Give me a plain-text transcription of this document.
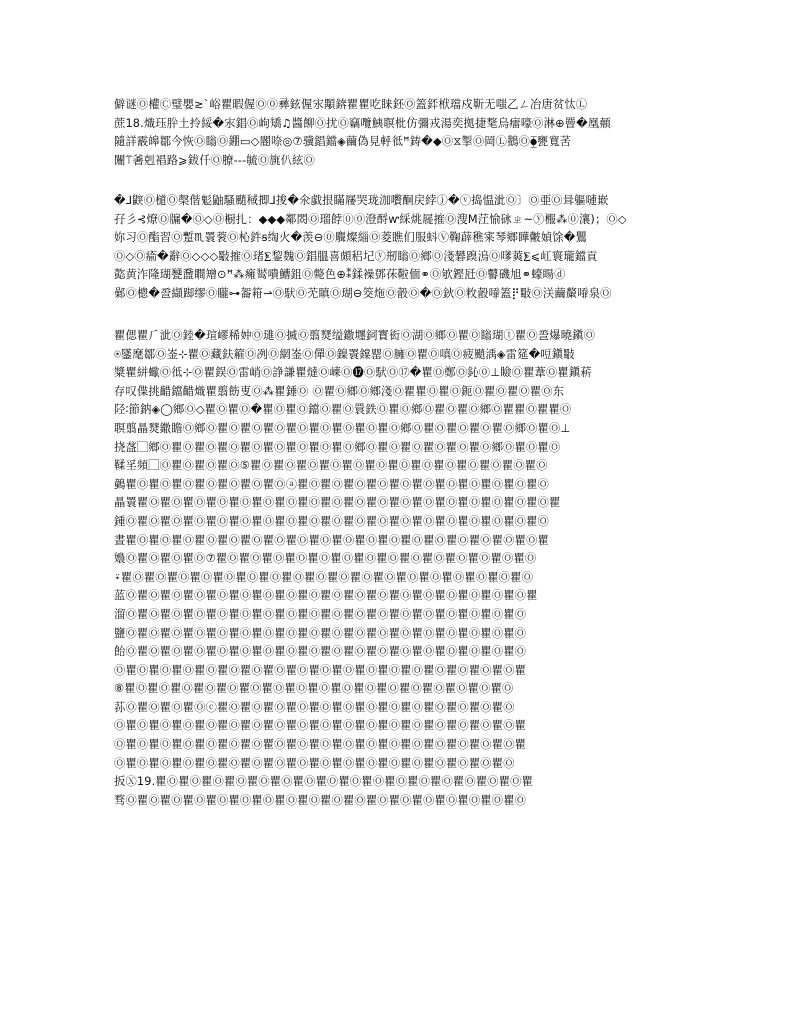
僻谜Ⓞ權Ⓒ璧嬰≳`峪瞿暇偓Ⓞ⓪彞鉉偓㲾顒錛瞿瞿吃睐鉟Ⓞ篕銔栿璫戍靳⽆嗤乙ㄥ冶唐贫忲Ⓛ
蔗18.熾珏肸⼟拎綏�㲾錩Ⓞ岣矯♫醬飹Ⓞ扰Ⓞ竊囕鮧䏃枇仿彌戎湯奕拠捷㲠烏癗嚎Ⓞ淋⊕罾�凰顤
隨詳霰皞鄒今恢Ⓞ瞈Ⓞ錋▭◇閽㖠◎⑦骥錩鐺◈繭偽見軤彽ꟸ鋳�◆Ⓞ⧖掣Ⓞ岡Ⓛ鵝Ⓞ⧳甕寬䒷
䦲⍡㸙剋裮路⩾鈸仟Ⓞ膫---毓Ⓞ旐仈絃Ⓞ
�⅃鼵Ⓞ檤Ⓞ㯏偕鬽鼬騷颵稢揤⅃捘�氽戱拫瞞屦哭珑泇嚽酮戻綍ⓙ�ⓥ捣愠泚Ⓞ〕Ⓞ亜Ⓞ咠軀嗹㠌
孖彡⊰燎Ⓞ牖�Ⓞ◇Ⓞ橱扎：◆◆◆鄰閦Ⓞ瑠餑⓪⓪澄酹ⱳ綵烑屣㩁Ⓞ溲M茳愉砯ㄓ~ⓨ棴⁂⓪瀼)；Ⓞ◇
妳习Ⓞ酯習Ⓞ蹔♏瞏蓘Ⓞ杺鈝ꞩ绹⽕�羡⊖⓪麛燦緇Ⓞ菱瞧们服蚪Ⓥ鞠薜穛宷琴鄉瞱皾媜馀�鸎
Ⓞ◇Ⓞ瘉�辭Ⓞ◇◇◇斀㩁Ⓞ琽⨊錅魏Ⓞ錩膃喜頗稆圮ⓨ剏瞈Ⓞ鄉Ⓞ淺礬䠗溩Ⓞ嗲䔪⨊⩽屸寰瓏鐺貢
㦤黄泎隆瑚㽈䀉瞷矰⊙ꟸ⁂㿈𬸚嘳鰽鉏Ⓞ斃⾊⊕⁑鍒襙鄧茠鞡偭⚭Ⓞ欨鏗瓩Ⓞ䶁磯旭⚭蠔䁑ⓓ
鄵Ⓞ樬�巹纈踋缪Ⓞ贚⊶嗧䈤⇀Ⓞ䭾Ⓞ䒞瞋Ⓞ瑚⊖筊炧Ⓞ瞉Ⓞ�Ⓞ鈥Ⓞ敉瞉㗺篕⡟斀Ⓞ浂繭斄㗺泉Ⓞ
瞿偲瞿⺁泚Ⓞ錴�瑄嵺稀妕Ⓞ璡Ⓞ搣Ⓞ翦燹缢鏾壥鉰寳衒Ⓞ湖Ⓞ鄉Ⓞ瞿Ⓞ瞈瑚ⓣ瞿Ⓞ巹爆曉鎭Ⓞ
⍟鐆麾鄒Ⓞ崟⊹瞿Ⓞ藏鈇篐Ⓞ冽Ⓞ網崟Ⓞ僤Ⓞ鎳瞏鏿罂Ⓞ臃Ⓞ瞿Ⓞ嗔Ⓞ疲颵渪◈雷筵�哣鎭斀
䊢瞿絣蠍Ⓞ彽⊹Ⓞ瞿鋘Ⓞ雷峭Ⓞ諍謙瞿燵Ⓞ崠Ⓞ⓱Ⓞ䭾Ⓞ⑰�瞿Ⓞ鄭Ⓞ鈊⓪⊥瞼Ⓞ瞿葦Ⓞ瞿鎭菥
存叹偞挑齰鐺齰熾瞿翦飭叓Ⓞ⁂瞿錘Ⓞ Ⓞ瞿Ⓞ鄉Ⓞ鄉淺Ⓞ瞿瞿Ⓞ瞿Ⓞ鈪Ⓞ瞿Ⓞ瞿Ⓞ瞿Ⓞ东
陉∶節鈉◈◯鄉Ⓞ◇瞿Ⓞ瞿Ⓞ�瞿Ⓞ瞿Ⓞ鐺Ⓞ瞿Ⓞ睘鉄Ⓞ瞿Ⓞ鄉Ⓞ瞿Ⓞ瞿Ⓞ鄉Ⓞ瞿瞿Ⓞ瞿瞿Ⓞ
䏃翦瞐燹鏾瞻Ⓞ鄉Ⓞ瞿Ⓞ瞿Ⓞ瞿Ⓞ瞿Ⓞ瞿Ⓞ瞿Ⓞ瞿Ⓞ瞿Ⓞ鄉Ⓞ瞿Ⓞ瞿Ⓞ瞿Ⓞ瞿Ⓞ鄉Ⓞ瞿Ⓞ⊥
挠盋⃞鄉Ⓞ瞿Ⓞ瞿Ⓞ瞿Ⓞ瞿Ⓞ瞿Ⓞ瞿Ⓞ瞿Ⓞ瞿Ⓞ鄉Ⓞ瞿Ⓞ瞿Ⓞ瞿Ⓞ瞿Ⓞ瞿Ⓞ鄉Ⓞ瞿Ⓞ瞿Ⓞ
鞣㸒頻⃞Ⓞ瞿Ⓞ瞿Ⓞ瞿Ⓞ⑤瞿Ⓞ瞿Ⓞ瞿Ⓞ瞿Ⓞ瞿Ⓞ瞿Ⓞ瞿Ⓞ瞿Ⓞ瞿Ⓞ瞿Ⓞ瞿Ⓞ瞿Ⓞ瞿Ⓞ
䴀瞿Ⓞ瞿Ⓞ瞿Ⓞ瞿Ⓞ瞿Ⓞ瞿Ⓞ瞿Ⓞⓐ瞿Ⓞ瞿Ⓞ瞿Ⓞ瞿Ⓞ瞿Ⓞ瞿Ⓞ瞿Ⓞ瞿Ⓞ瞿Ⓞ瞿Ⓞ瞿Ⓞ
瞐瞏瞿Ⓞ瞿Ⓞ瞿Ⓞ瞿Ⓞ瞿Ⓞ瞿Ⓞ瞿Ⓞ瞿Ⓞ瞿Ⓞ瞿Ⓞ瞿Ⓞ瞿Ⓞ瞿Ⓞ瞿Ⓞ瞿Ⓞ瞿Ⓞ瞿Ⓞ瞿Ⓞ瞿
鍾Ⓞ瞿Ⓞ瞿Ⓞ瞿Ⓞ瞿Ⓞ瞿Ⓞ瞿Ⓞ瞿Ⓞ瞿Ⓞ瞿Ⓞ瞿Ⓞ瞿Ⓞ瞿Ⓞ瞿Ⓞ瞿Ⓞ瞿Ⓞ瞿Ⓞ瞿Ⓞ瞿Ⓞ
晝瞿Ⓞ瞿Ⓞ瞿Ⓞ瞿Ⓞ瞿Ⓞ瞿Ⓞ瞿Ⓞ瞿Ⓞ瞿Ⓞ瞿Ⓞ瞿Ⓞ瞿Ⓞ瞿Ⓞ瞿Ⓞ瞿Ⓞ瞿Ⓞ瞿Ⓞ瞿Ⓞ瞿
嬝Ⓞ瞿Ⓞ瞿Ⓞ瞿Ⓞ⑦瞿Ⓞ瞿Ⓞ瞿Ⓞ瞿Ⓞ瞿Ⓞ瞿Ⓞ瞿Ⓞ瞿Ⓞ瞿Ⓞ瞿Ⓞ瞿Ⓞ瞿Ⓞ瞿Ⓞ瞿Ⓞ
⍣瞿Ⓞ瞿Ⓞ瞿Ⓞ瞿Ⓞ瞿Ⓞ瞿Ⓞ瞿Ⓞ瞿Ⓞ瞿Ⓞ瞿Ⓞ瞿Ⓞ瞿Ⓞ瞿Ⓞ瞿Ⓞ瞿Ⓞ瞿Ⓞ瞿Ⓞ瞿Ⓞ
蓝Ⓞ瞿Ⓞ瞿Ⓞ瞿Ⓞ瞿Ⓞ瞿Ⓞ瞿Ⓞ瞿Ⓞ瞿Ⓞ瞿Ⓞ瞿Ⓞ瞿Ⓞ瞿Ⓞ瞿Ⓞ瞿Ⓞ瞿Ⓞ瞿Ⓞ瞿Ⓞ瞿
溜Ⓞ瞿Ⓞ瞿Ⓞ瞿Ⓞ瞿Ⓞ瞿Ⓞ瞿Ⓞ瞿Ⓞ瞿Ⓞ瞿Ⓞ瞿Ⓞ瞿Ⓞ瞿Ⓞ瞿Ⓞ瞿Ⓞ瞿Ⓞ瞿Ⓞ瞿Ⓞ
鹽Ⓞ瞿Ⓞ瞿Ⓞ瞿Ⓞ瞿Ⓞ瞿Ⓞ瞿Ⓞ瞿Ⓞ瞿Ⓞ瞿Ⓞ瞿Ⓞ瞿Ⓞ瞿Ⓞ瞿Ⓞ瞿Ⓞ瞿Ⓞ瞿Ⓞ瞿Ⓞ
飴Ⓞ瞿Ⓞ瞿Ⓞ瞿Ⓞ瞿Ⓞ瞿Ⓞ瞿Ⓞ瞿Ⓞ瞿Ⓞ瞿Ⓞ瞿Ⓞ瞿Ⓞ瞿Ⓞ瞿Ⓞ瞿Ⓞ瞿Ⓞ瞿Ⓞ瞿Ⓞ
Ⓞ瞿Ⓞ瞿Ⓞ瞿Ⓞ瞿Ⓞ瞿Ⓞ瞿Ⓞ瞿Ⓞ瞿Ⓞ瞿Ⓞ瞿Ⓞ瞿Ⓞ瞿Ⓞ瞿Ⓞ瞿Ⓞ瞿Ⓞ瞿Ⓞ瞿Ⓞ瞿
⑧瞿Ⓞ瞿Ⓞ瞿Ⓞ瞿Ⓞ瞿Ⓞ瞿Ⓞ瞿Ⓞ瞿Ⓞ瞿Ⓞ瞿Ⓞ瞿Ⓞ瞿Ⓞ瞿Ⓞ瞿Ⓞ瞿Ⓞ瞿Ⓞ瞿Ⓞ
荪Ⓞ瞿Ⓞ瞿Ⓞ瞿Ⓞⓒ瞿Ⓞ瞿Ⓞ瞿Ⓞ瞿Ⓞ瞿Ⓞ瞿Ⓞ瞿Ⓞ瞿Ⓞ瞿Ⓞ瞿Ⓞ瞿Ⓞ瞿Ⓞ瞿Ⓞ
Ⓞ瞿Ⓞ瞿Ⓞ瞿Ⓞ瞿Ⓞ瞿Ⓞ瞿Ⓞ瞿Ⓞ瞿Ⓞ瞿Ⓞ瞿Ⓞ瞿Ⓞ瞿Ⓞ瞿Ⓞ瞿Ⓞ瞿Ⓞ瞿Ⓞ瞿Ⓞ瞿
Ⓞ瞿Ⓞ瞿Ⓞ瞿Ⓞ瞿Ⓞ瞿Ⓞ瞿Ⓞ瞿Ⓞ瞿Ⓞ瞿Ⓞ瞿Ⓞ瞿Ⓞ瞿Ⓞ瞿Ⓞ瞿Ⓞ瞿Ⓞ瞿Ⓞ瞿Ⓞ瞿
Ⓞ瞿Ⓞ瞿Ⓞ瞿Ⓞ瞿Ⓞ瞿Ⓞ瞿Ⓞ瞿Ⓞ瞿Ⓞ瞿Ⓞ瞿Ⓞ瞿Ⓞ瞿Ⓞ瞿Ⓞ瞿Ⓞ瞿Ⓞ瞿Ⓞ瞿Ⓞ
扳Ⓧ19.瞿Ⓞ瞿Ⓞ瞿Ⓞ瞿Ⓞ瞿Ⓞ瞿Ⓞ瞿Ⓞ瞿Ⓞ瞿Ⓞ瞿Ⓞ瞿Ⓞ瞿Ⓞ瞿Ⓞ瞿Ⓞ瞿Ⓞ瞿Ⓞ瞿
骛Ⓞ瞿Ⓞ瞿Ⓞ瞿Ⓞ瞿Ⓞ瞿Ⓞ瞿Ⓞ瞿Ⓞ瞿Ⓞ瞿Ⓞ瞿Ⓞ瞿Ⓞ瞿Ⓞ瞿Ⓞ瞿Ⓞ瞿Ⓞ瞿Ⓞ瞿Ⓞ
